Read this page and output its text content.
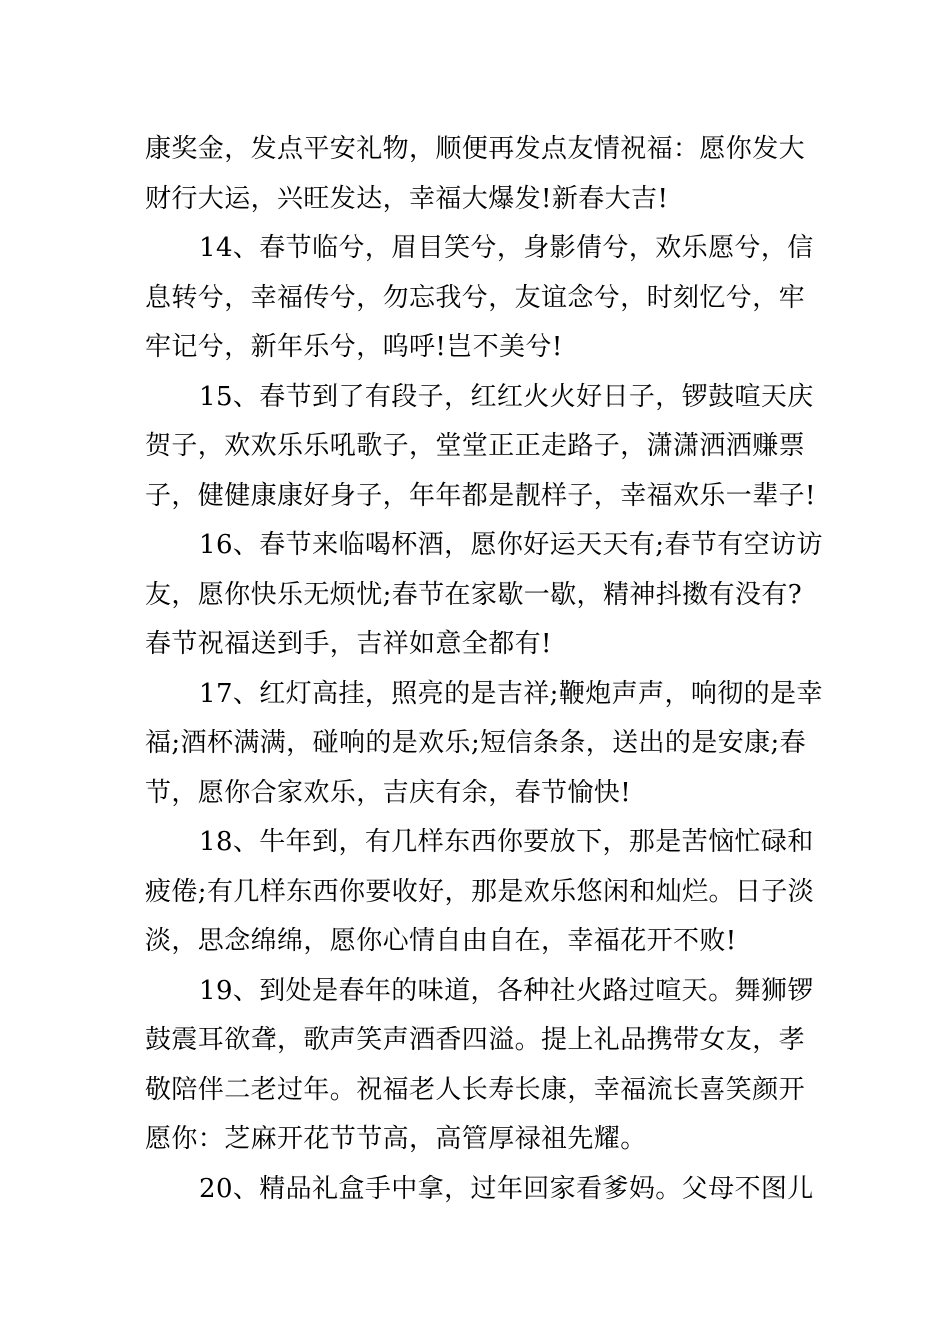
康奖金，发点平安礼物，顺便再发点友情祝福：愿你发大
财行大运，兴旺发达，幸福大爆发!新春大吉!

14、春节临兮，眉目笑兮，身影倩兮，欢乐愿兮，信
息转兮，幸福传兮，勿忘我兮，友谊念兮，时刻忆兮，牢
牢记兮，新年乐兮，呜呼!岂不美兮!

15、春节到了有段子，红红火火好日子，锣鼓喧天庆
贺子，欢欢乐乐吼歌子，堂堂正正走路子，潇潇洒洒赚票
子，健健康康好身子，年年都是靓样子，幸福欢乐一辈子!

16、春节来临喝杯酒，愿你好运天天有;春节有空访访
友，愿你快乐无烦忧;春节在家歇一歇，精神抖擞有没有?
春节祝福送到手，吉祥如意全都有!

17、红灯高挂，照亮的是吉祥;鞭炮声声，响彻的是幸
福;酒杯满满，碰响的是欢乐;短信条条，送出的是安康;春
节，愿你合家欢乐，吉庆有余，春节愉快!

18、牛年到，有几样东西你要放下，那是苦恼忙碌和
疲倦;有几样东西你要收好，那是欢乐悠闲和灿烂。日子淡
淡，思念绵绵，愿你心情自由自在，幸福花开不败!

19、到处是春年的味道，各种社火路过喧天。舞狮锣
鼓震耳欲聋，歌声笑声酒香四溢。提上礼品携带女友，孝
敬陪伴二老过年。祝福老人长寿长康，幸福流长喜笑颜开
愿你：芝麻开花节节高，高管厚禄祖先耀。

20、精品礼盒手中拿，过年回家看爹妈。父母不图儿
